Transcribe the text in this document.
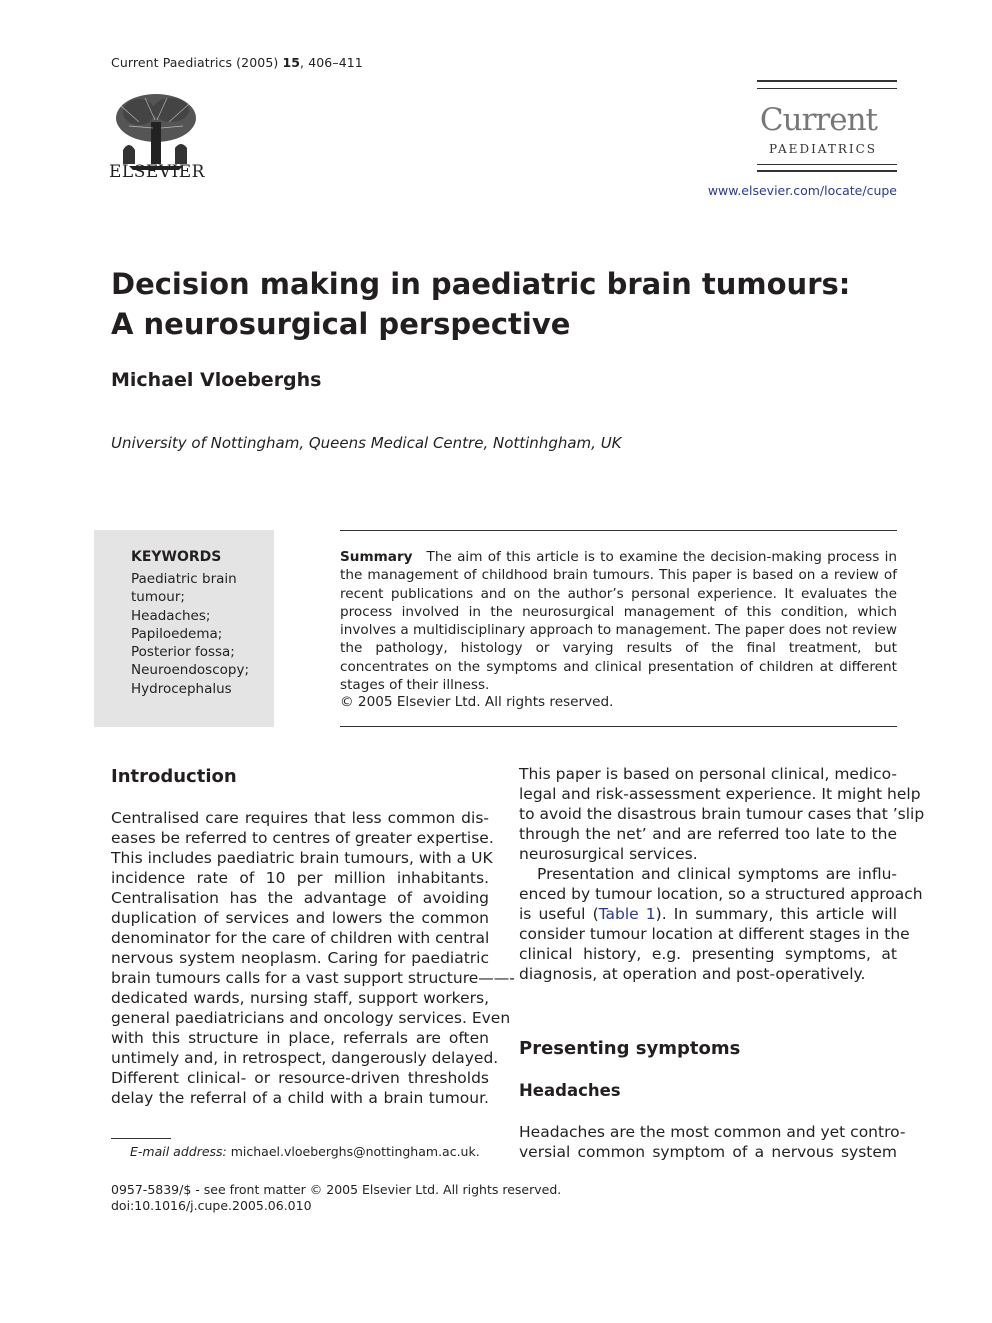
Current Paediatrics (2005) 15, 406–411
ELSEVIER
Current
PAEDIATRICS
www.elsevier.com/locate/cupe
Decision making in paediatric brain tumours:
A neurosurgical perspective
Michael Vloeberghs
University of Nottingham, Queens Medical Centre, Nottinhgham, UK
KEYWORDS
Paediatric brain
tumour;
Headaches;
Papiloedema;
Posterior fossa;
Neuroendoscopy;
Hydrocephalus
Summary The aim of this article is to examine the decision-making process in the management of childhood brain tumours. This paper is based on a review of recent publications and on the author’s personal experience. It evaluates the process involved in the neurosurgical management of this condition, which involves a multidisciplinary approach to management. The paper does not review the pathology, histology or varying results of the final treatment, but concentrates on the symptoms and clinical presentation of children at different stages of their illness.
© 2005 Elsevier Ltd. All rights reserved.
Introduction
Centralised care requires that less common dis-
eases be referred to centres of greater expertise.
This includes paediatric brain tumours, with a UK
incidence rate of 10 per million inhabitants.
Centralisation has the advantage of avoiding
duplication of services and lowers the common
denominator for the care of children with central
nervous system neoplasm. Caring for paediatric
brain tumours calls for a vast support structure——-
dedicated wards, nursing staff, support workers,
general paediatricians and oncology services. Even
with this structure in place, referrals are often
untimely and, in retrospect, dangerously delayed.
Different clinical- or resource-driven thresholds
delay the referral of a child with a brain tumour.
This paper is based on personal clinical, medico-
legal and risk-assessment experience. It might help
to avoid the disastrous brain tumour cases that ’slip
through the net’ and are referred too late to the
neurosurgical services.
Presentation and clinical symptoms are influ-
enced by tumour location, so a structured approach
is useful (Table 1). In summary, this article will
consider tumour location at different stages in the
clinical history, e.g. presenting symptoms, at
diagnosis, at operation and post-operatively.
Presenting symptoms
Headaches
Headaches are the most common and yet contro-
versial common symptom of a nervous system
E-mail address: michael.vloeberghs@nottingham.ac.uk.
0957-5839/$ - see front matter © 2005 Elsevier Ltd. All rights reserved.
doi:10.1016/j.cupe.2005.06.010
